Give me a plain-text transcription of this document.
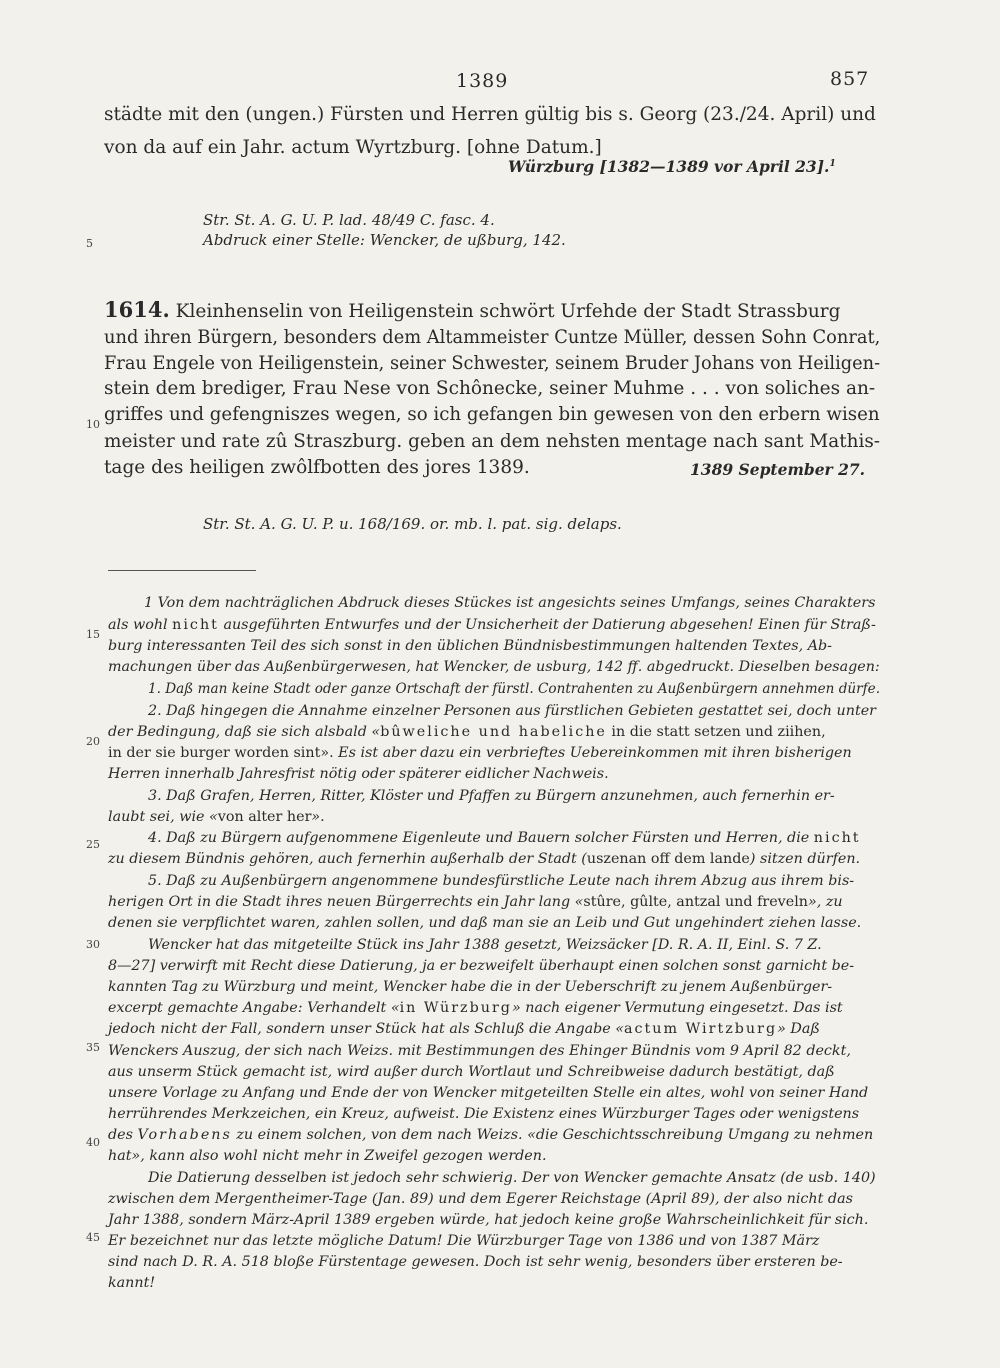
1389	857
städte mit den (ungen.) Fürsten und Herren gültig bis s. Georg (23./24. April) und
von da auf ein Jahr. actum Wyrtzburg. [ohne Datum.]
Würzburg [1382—1389 vor April 23].$^1$
Str. St. A. G. U. P. lad. 48/49 C. fasc. 4.
Abdruck einer Stelle: Wencker, de ußburg, 142.
1614. Kleinhenselin von Heiligenstein schwört Urfehde der Stadt Strassburg
und ihren Bürgern, besonders dem Altammeister Cuntze Müller, dessen Sohn Conrat,
Frau Engele von Heiligenstein, seiner Schwester, seinem Bruder Johans von Heiligen-
stein dem brediger, Frau Nese von Schônecke, seiner Muhme . . . von soliches an-
griffes und gefengniszes wegen, so ich gefangen bin gewesen von den erbern wisen
meister und rate zû Straszburg. geben an dem nehsten mentage nach sant Mathis-
tage des heiligen zwôlfbotten des jores 1389.	1389 September 27.
Str. St. A. G. U. P. u. 168/169. or. mb. l. pat. sig. delaps.
5
10
15
20
25
30
35
40
45
1 Von dem nachträglichen Abdruck dieses Stückes ist angesichts seines Umfangs, seines Charakters
als wohl nicht ausgeführten Entwurfes und der Unsicherheit der Datierung abgesehen! Einen für Straß-
burg interessanten Teil des sich sonst in den üblichen Bündnisbestimmungen haltenden Textes, Ab-
machungen über das Außenbürgerwesen, hat Wencker, de usburg, 142 ff. abgedruckt. Dieselben besagen:
1. Daß man keine Stadt oder ganze Ortschaft der fürstl. Contrahenten zu Außenbürgern annehmen dürfe.
2. Daß hingegen die Annahme einzelner Personen aus fürstlichen Gebieten gestattet sei, doch unter
der Bedingung, daß sie sich alsbald «bûweliche und habeliche in die statt setzen und ziihen,
in der sie burger worden sint». Es ist aber dazu ein verbrieftes Uebereinkommen mit ihren bisherigen
Herren innerhalb Jahresfrist nötig oder späterer eidlicher Nachweis.
3. Daß Grafen, Herren, Ritter, Klöster und Pfaffen zu Bürgern anzunehmen, auch fernerhin er-
laubt sei, wie «von alter her».
4. Daß zu Bürgern aufgenommene Eigenleute und Bauern solcher Fürsten und Herren, die nicht
zu diesem Bündnis gehören, auch fernerhin außerhalb der Stadt (uszenan off dem lande) sitzen dürfen.
5. Daß zu Außenbürgern angenommene bundesfürstliche Leute nach ihrem Abzug aus ihrem bis-
herigen Ort in die Stadt ihres neuen Bürgerrechts ein Jahr lang «stûre, gûlte, antzal und freveln», zu
denen sie verpflichtet waren, zahlen sollen, und daß man sie an Leib und Gut ungehindert ziehen lasse.
Wencker hat das mitgeteilte Stück ins Jahr 1388 gesetzt, Weizsäcker [D. R. A. II, Einl. S. 7 Z.
8—27] verwirft mit Recht diese Datierung, ja er bezweifelt überhaupt einen solchen sonst garnicht be-
kannten Tag zu Würzburg und meint, Wencker habe die in der Ueberschrift zu jenem Außenbürger-
excerpt gemachte Angabe: Verhandelt «in Würzburg» nach eigener Vermutung eingesetzt. Das ist
jedoch nicht der Fall, sondern unser Stück hat als Schluß die Angabe «actum Wirtzburg» Daß
Wenckers Auszug, der sich nach Weizs. mit Bestimmungen des Ehinger Bündnis vom 9 April 82 deckt,
aus unserm Stück gemacht ist, wird außer durch Wortlaut und Schreibweise dadurch bestätigt, daß
unsere Vorlage zu Anfang und Ende der von Wencker mitgeteilten Stelle ein altes, wohl von seiner Hand
herrührendes Merkzeichen, ein Kreuz, aufweist. Die Existenz eines Würzburger Tages oder wenigstens
des Vorhabens zu einem solchen, von dem nach Weizs. «die Geschichtsschreibung Umgang zu nehmen
hat», kann also wohl nicht mehr in Zweifel gezogen werden.
Die Datierung desselben ist jedoch sehr schwierig. Der von Wencker gemachte Ansatz (de usb. 140)
zwischen dem Mergentheimer-Tage (Jan. 89) und dem Egerer Reichstage (April 89), der also nicht das
Jahr 1388, sondern März-April 1389 ergeben würde, hat jedoch keine große Wahrscheinlichkeit für sich.
Er bezeichnet nur das letzte mögliche Datum! Die Würzburger Tage von 1386 und von 1387 März
sind nach D. R. A. 518 bloße Fürstentage gewesen. Doch ist sehr wenig, besonders über ersteren be-
kannt!
